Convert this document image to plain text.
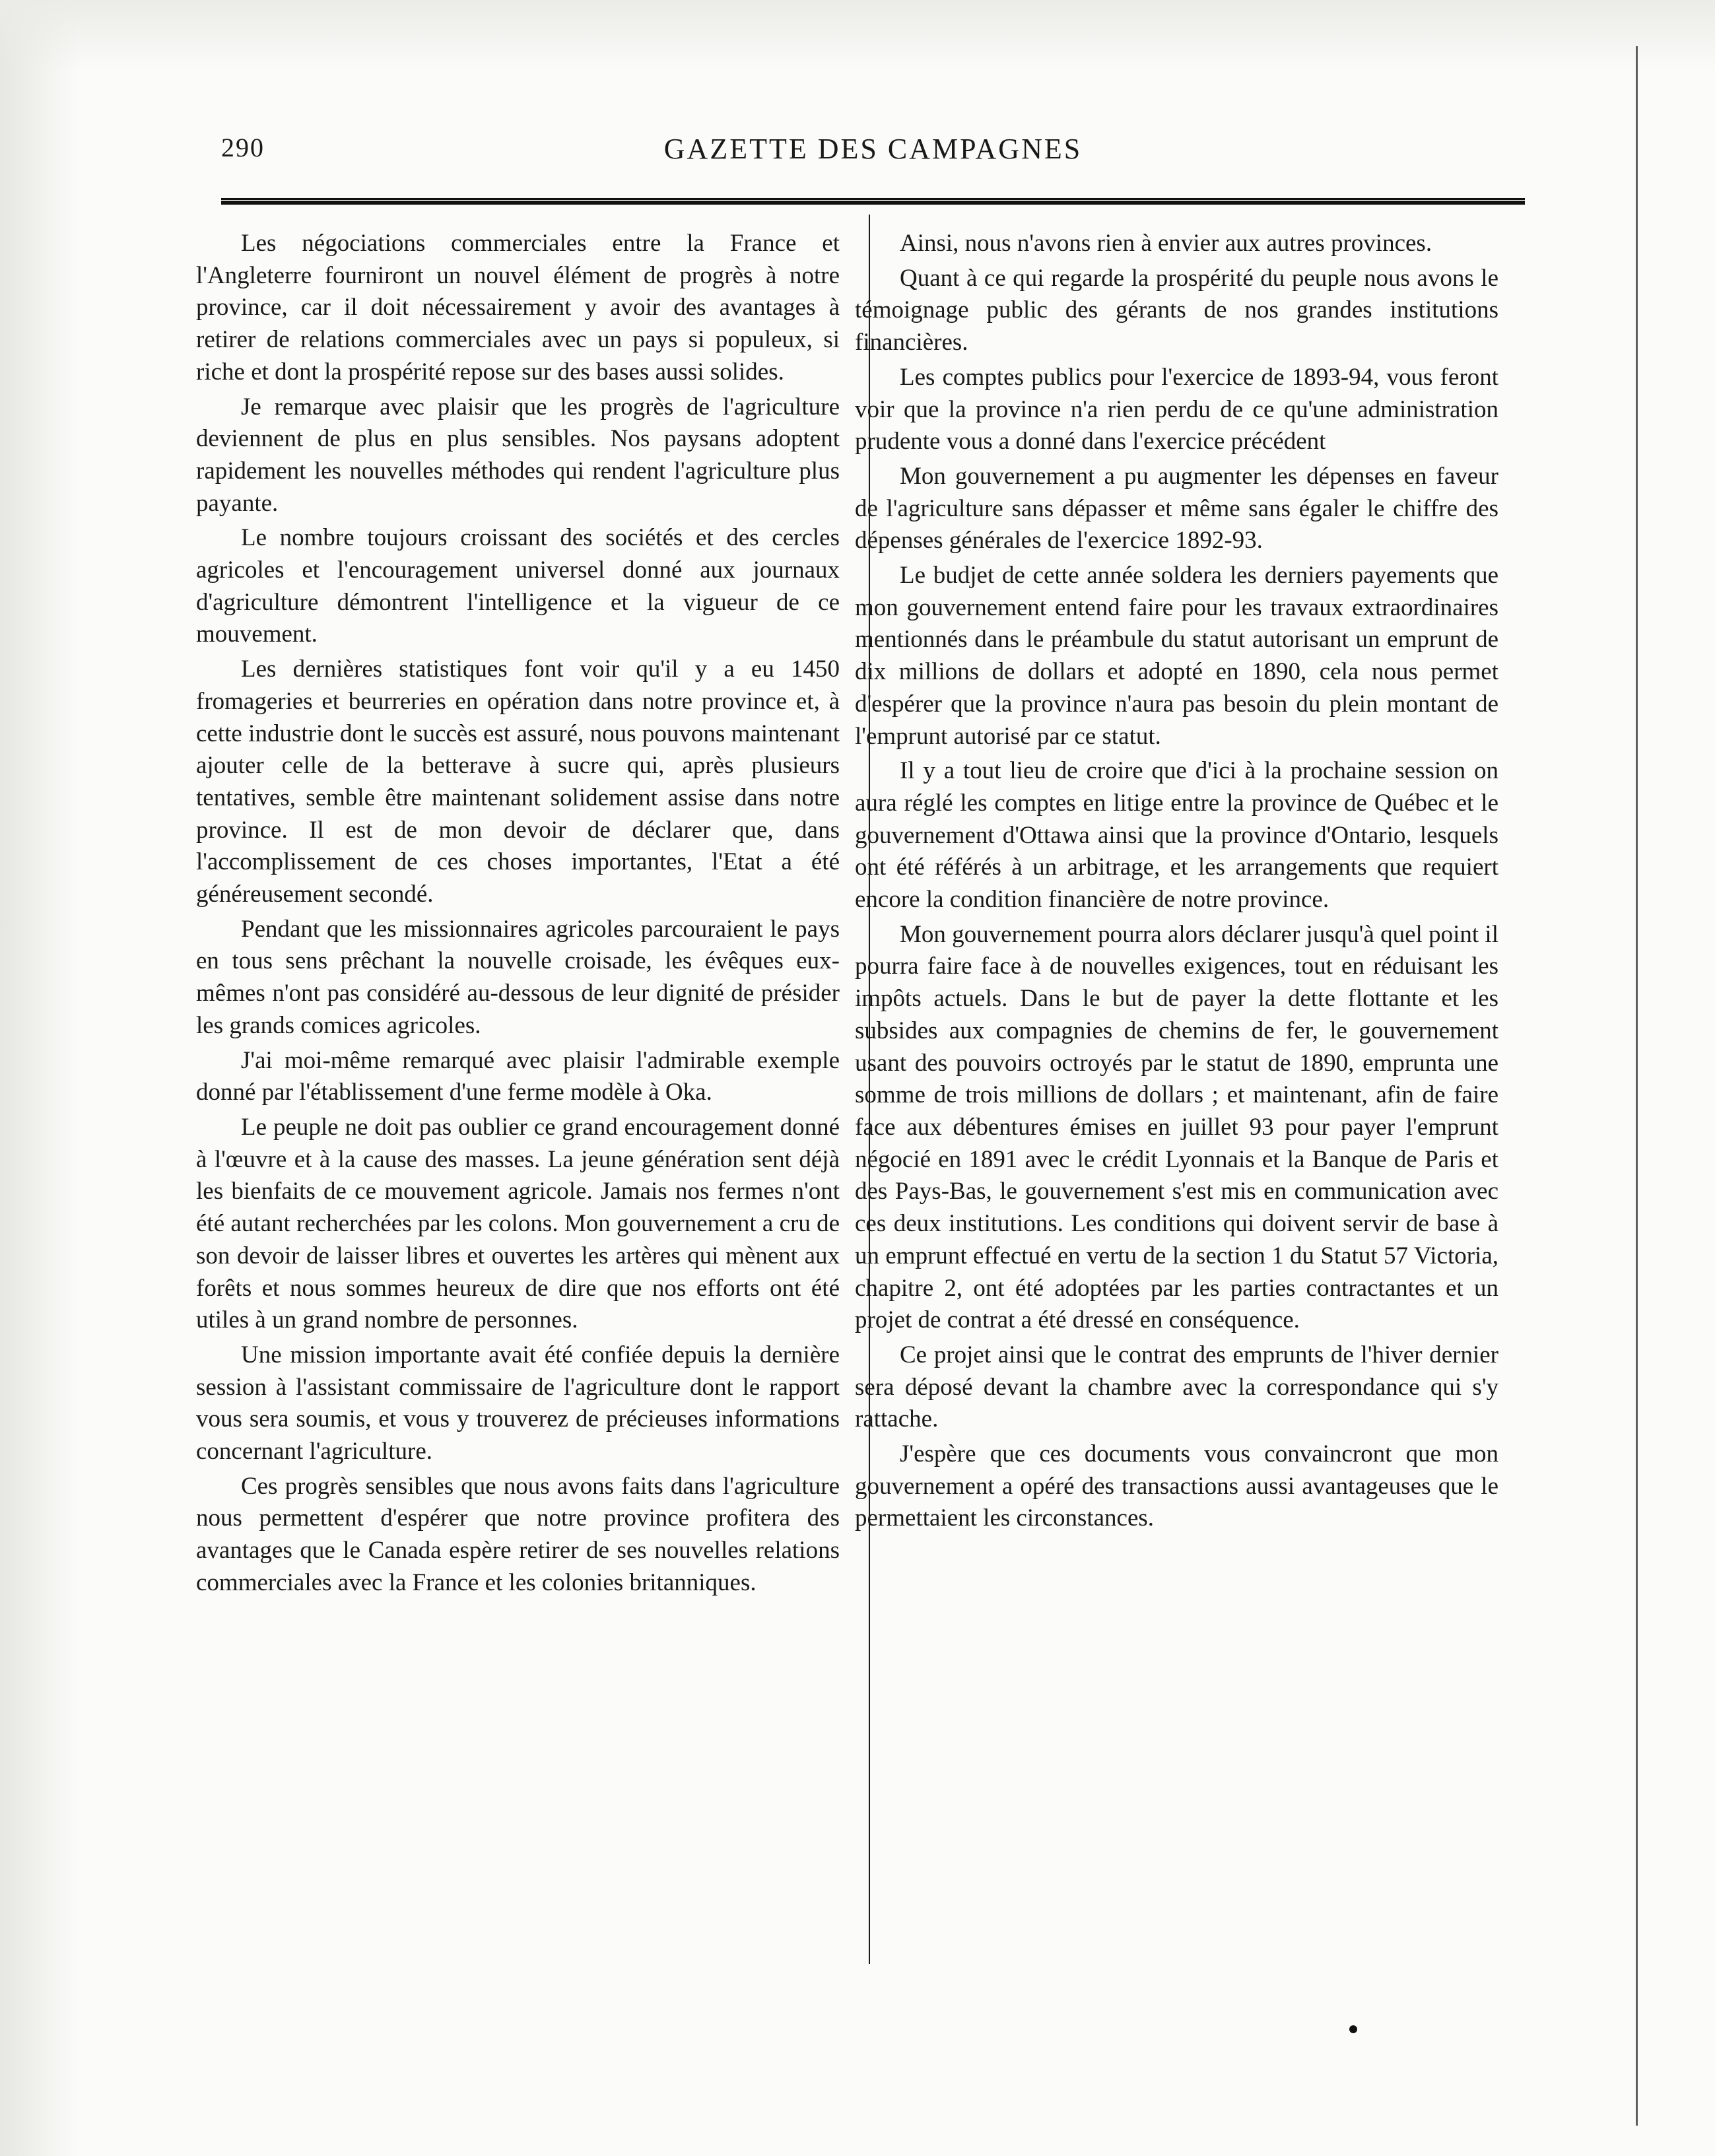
290	GAZETTE DES CAMPAGNES

Les négociations commerciales entre la France et l'Angleterre fourniront un nouvel élément de progrès à notre province, car il doit nécessairement y avoir des avantages à retirer de relations commerciales avec un pays si populeux, si riche et dont la prospérité repose sur des bases aussi solides.

Je remarque avec plaisir que les progrès de l'agriculture deviennent de plus en plus sensibles. Nos paysans adoptent rapidement les nouvelles méthodes qui rendent l'agriculture plus payante.

Le nombre toujours croissant des sociétés et des cercles agricoles et l'encouragement universel donné aux journaux d'agriculture démontrent l'intelligence et la vigueur de ce mouvement.

Les dernières statistiques font voir qu'il y a eu 1450 fromageries et beurreries en opération dans notre province et, à cette industrie dont le succès est assuré, nous pouvons maintenant ajouter celle de la betterave à sucre qui, après plusieurs tentatives, semble être maintenant solidement assise dans notre province. Il est de mon devoir de déclarer que, dans l'accomplissement de ces choses importantes, l'Etat a été généreusement secondé.

Pendant que les missionnaires agricoles parcouraient le pays en tous sens prêchant la nouvelle croisade, les évêques eux-mêmes n'ont pas considéré au-dessous de leur dignité de présider les grands comices agricoles.

J'ai moi-même remarqué avec plaisir l'admirable exemple donné par l'établissement d'une ferme modèle à Oka.

Le peuple ne doit pas oublier ce grand encouragement donné à l'œuvre et à la cause des masses. La jeune génération sent déjà les bienfaits de ce mouvement agricole. Jamais nos fermes n'ont été autant recherchées par les colons. Mon gouvernement a cru de son devoir de laisser libres et ouvertes les artères qui mènent aux forêts et nous sommes heureux de dire que nos efforts ont été utiles à un grand nombre de personnes.

Une mission importante avait été confiée depuis la dernière session à l'assistant commissaire de l'agriculture dont le rapport vous sera soumis, et vous y trouverez de précieuses informations concernant l'agriculture.

Ces progrès sensibles que nous avons faits dans l'agriculture nous permettent d'espérer que notre province profitera des avantages que le Canada espère retirer de ses nouvelles relations commerciales avec la France et les colonies britanniques.

Ainsi, nous n'avons rien à envier aux autres provinces.

Quant à ce qui regarde la prospérité du peuple nous avons le témoignage public des gérants de nos grandes institutions financières.

Les comptes publics pour l'exercice de 1893-94, vous feront voir que la province n'a rien perdu de ce qu'une administration prudente vous a donné dans l'exercice précédent

Mon gouvernement a pu augmenter les dépenses en faveur de l'agriculture sans dépasser et même sans égaler le chiffre des dépenses générales de l'exercice 1892-93.

Le budjet de cette année soldera les derniers payements que mon gouvernement entend faire pour les travaux extraordinaires mentionnés dans le préambule du statut autorisant un emprunt de dix millions de dollars et adopté en 1890, cela nous permet d'espérer que la province n'aura pas besoin du plein montant de l'emprunt autorisé par ce statut.

Il y a tout lieu de croire que d'ici à la prochaine session on aura réglé les comptes en litige entre la province de Québec et le gouvernement d'Ottawa ainsi que la province d'Ontario, lesquels ont été référés à un arbitrage, et les arrangements que requiert encore la condition financière de notre province.

Mon gouvernement pourra alors déclarer jusqu'à quel point il pourra faire face à de nouvelles exigences, tout en réduisant les impôts actuels. Dans le but de payer la dette flottante et les subsides aux compagnies de chemins de fer, le gouvernement usant des pouvoirs octroyés par le statut de 1890, emprunta une somme de trois millions de dollars ; et maintenant, afin de faire face aux débentures émises en juillet 93 pour payer l'emprunt négocié en 1891 avec le crédit Lyonnais et la Banque de Paris et des Pays-Bas, le gouvernement s'est mis en communication avec ces deux institutions. Les conditions qui doivent servir de base à un emprunt effectué en vertu de la section 1 du Statut 57 Victoria, chapitre 2, ont été adoptées par les parties contractantes et un projet de contrat a été dressé en conséquence.

Ce projet ainsi que le contrat des emprunts de l'hiver dernier sera déposé devant la chambre avec la correspondance qui s'y rattache.

J'espère que ces documents vous convaincront que mon gouvernement a opéré des transactions aussi avantageuses que le permettaient les circonstances.
